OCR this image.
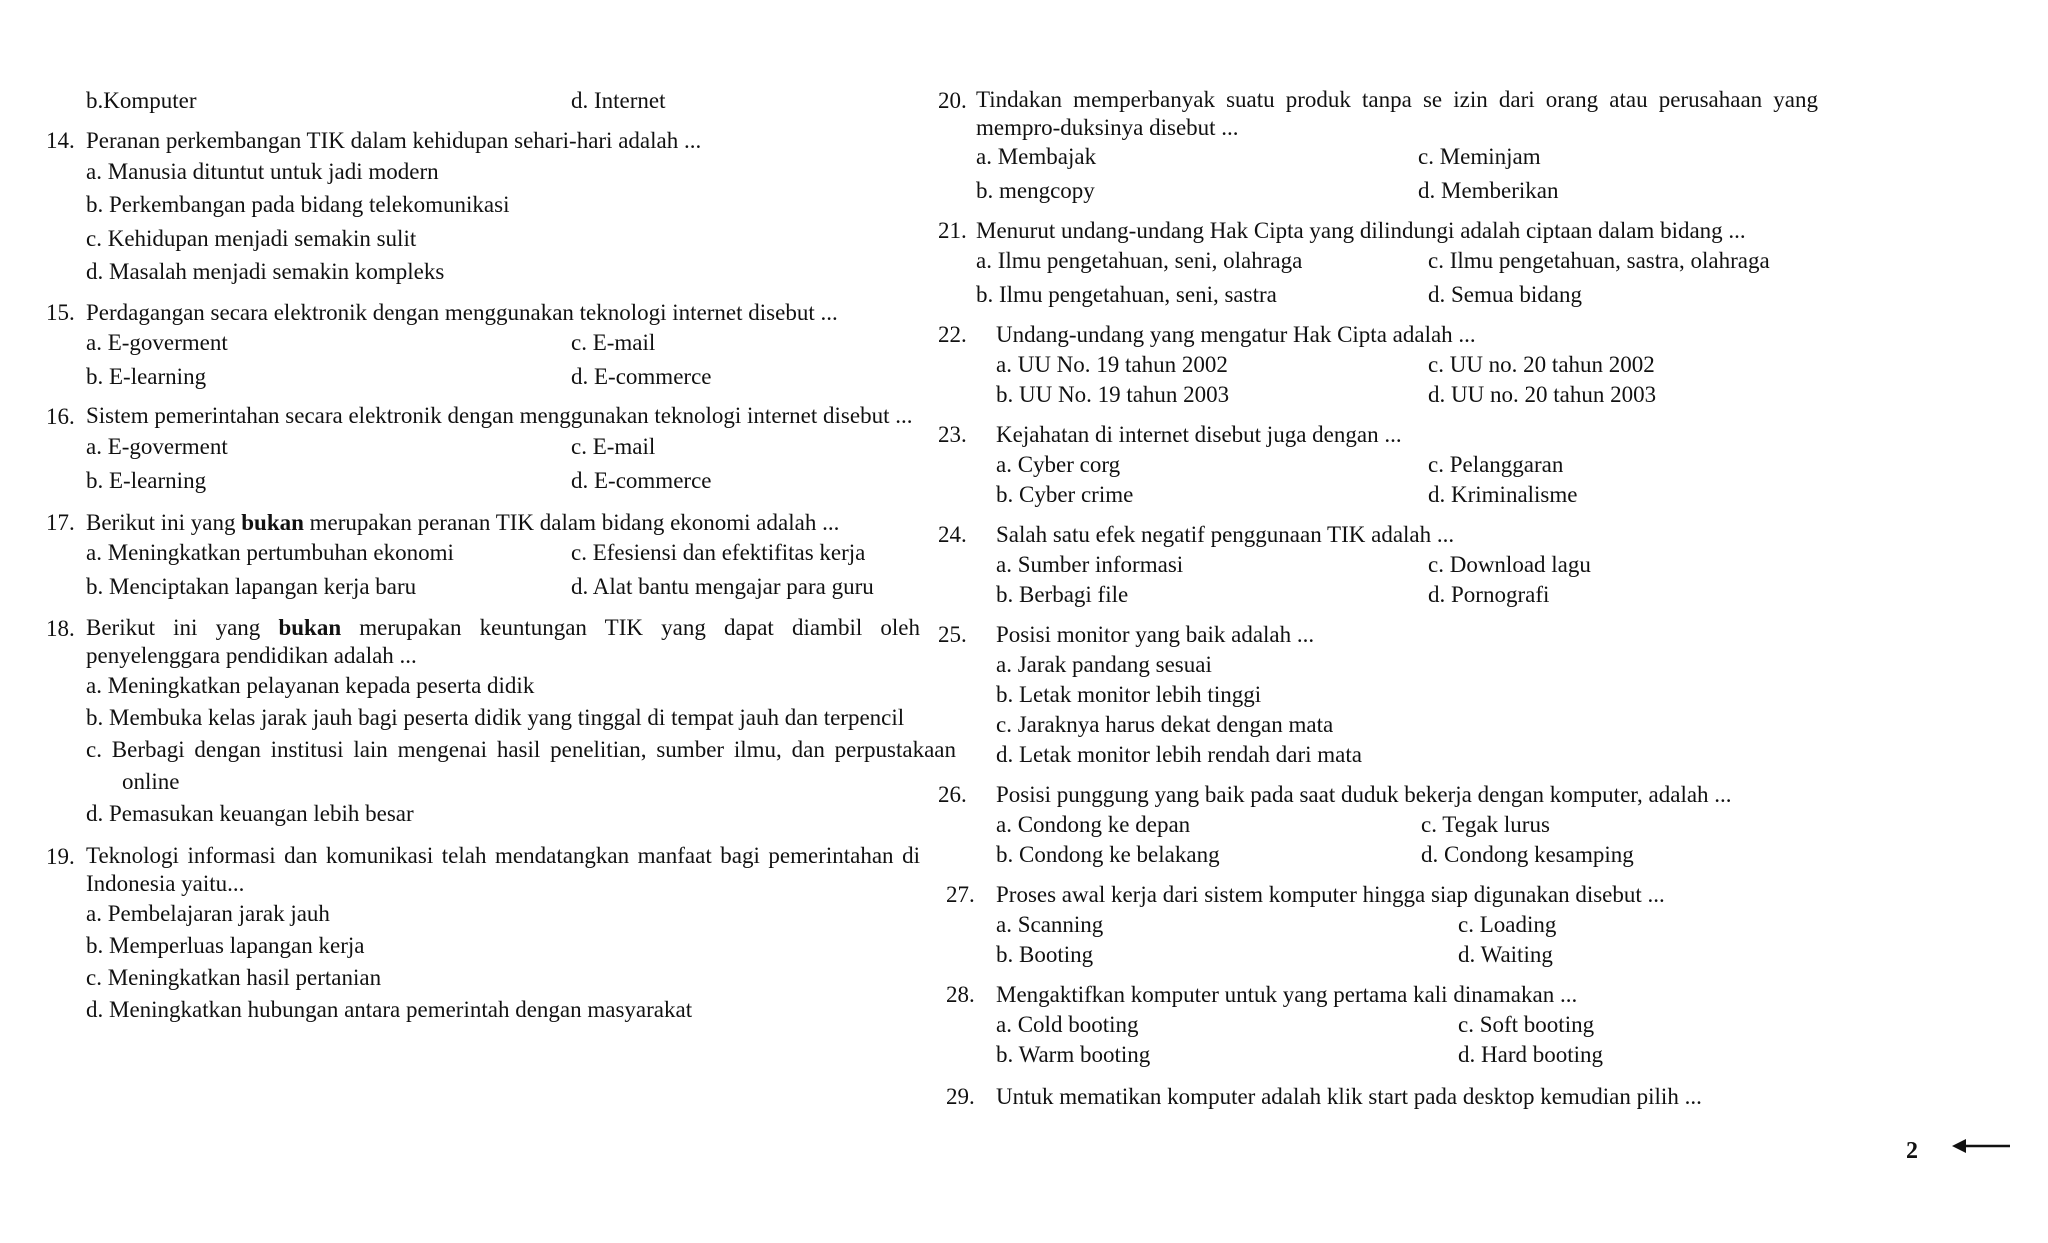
b.Komputer	d. Internet
14. Peranan perkembangan TIK dalam kehidupan sehari-hari adalah ...
a. Manusia dituntut untuk jadi modern
b. Perkembangan pada bidang telekomunikasi
c. Kehidupan menjadi semakin sulit
d. Masalah menjadi semakin kompleks
15. Perdagangan secara elektronik dengan menggunakan teknologi internet disebut ...
a. E-goverment	c. E-mail
b. E-learning	d. E-commerce
16. Sistem pemerintahan secara elektronik dengan menggunakan teknologi internet disebut ...
a. E-goverment	c. E-mail
b. E-learning	d. E-commerce
17. Berikut ini yang bukan merupakan peranan TIK dalam bidang ekonomi adalah ...
a. Meningkatkan pertumbuhan ekonomi	c. Efesiensi dan efektifitas kerja
b. Menciptakan lapangan kerja baru	d. Alat bantu mengajar para guru
18. Berikut ini yang bukan merupakan keuntungan TIK yang dapat diambil oleh penyelenggara pendidikan adalah ...
a. Meningkatkan pelayanan kepada peserta didik
b. Membuka kelas jarak jauh bagi peserta didik yang tinggal di tempat jauh dan terpencil
c. Berbagi dengan institusi lain mengenai hasil penelitian, sumber ilmu, dan perpustakaan online
d. Pemasukan keuangan lebih besar
19. Teknologi informasi dan komunikasi telah mendatangkan manfaat bagi pemerintahan di Indonesia yaitu...
a. Pembelajaran jarak jauh
b. Memperluas lapangan kerja
c. Meningkatkan hasil pertanian
d. Meningkatkan hubungan antara pemerintah dengan masyarakat
20. Tindakan memperbanyak suatu produk tanpa se izin dari orang atau perusahaan yang mempro-duksinya disebut ...
a. Membajak	c. Meminjam
b. mengcopy	d. Memberikan
21. Menurut undang-undang Hak Cipta yang dilindungi adalah ciptaan dalam bidang ...
a. Ilmu pengetahuan, seni, olahraga	c. Ilmu pengetahuan, sastra, olahraga
b. Ilmu pengetahuan, seni, sastra	d. Semua bidang
22.	Undang-undang yang mengatur Hak Cipta adalah ...
a. UU No. 19 tahun 2002	c. UU no. 20 tahun 2002
b. UU No. 19 tahun 2003	d. UU no. 20 tahun 2003
23.	Kejahatan di internet disebut juga dengan ...
a. Cyber corg	c. Pelanggaran
b. Cyber crime	d. Kriminalisme
24.	Salah satu efek negatif penggunaan TIK adalah ...
a. Sumber informasi	c. Download lagu
b. Berbagi file	d. Pornografi
25.	Posisi monitor yang baik adalah ...
a. Jarak pandang sesuai
b. Letak monitor lebih tinggi
c. Jaraknya harus dekat dengan mata
d. Letak monitor lebih rendah dari mata
26.	Posisi punggung yang baik pada saat duduk bekerja dengan komputer, adalah ...
a. Condong ke depan	c. Tegak lurus
b. Condong ke belakang	d. Condong kesamping
27. Proses awal kerja dari sistem komputer hingga siap digunakan disebut ...
a. Scanning	c. Loading
b. Booting	d. Waiting
28. Mengaktifkan komputer untuk yang pertama kali dinamakan ...
a. Cold booting	c. Soft booting
b. Warm booting	d. Hard booting
29. Untuk mematikan komputer adalah klik start pada desktop kemudian pilih ...
2
